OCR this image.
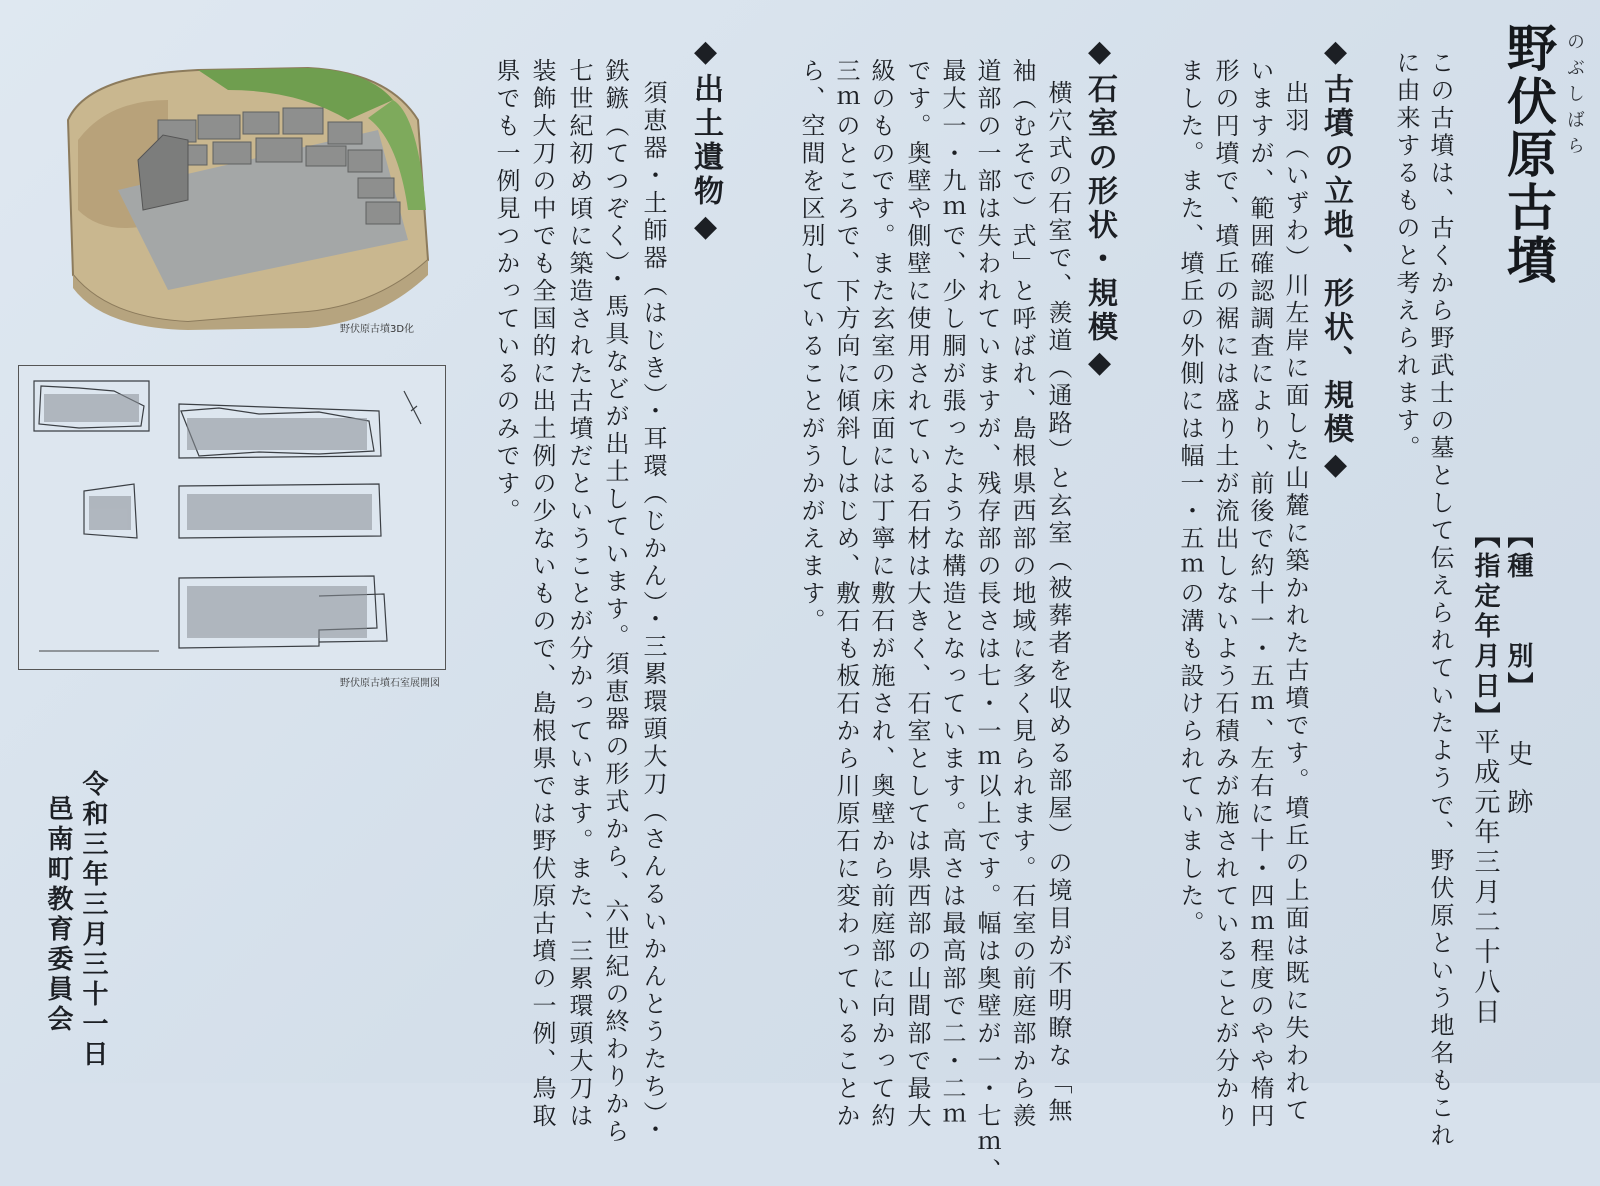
野伏原古墳 のぶしばら
この古墳は、古くから野武士の墓として伝えられていたようで、野伏原という地名もこれ
に由来するものと考えられます。
【種　　別】
史跡
【指定年月日】
平成元年三月二十八日
◆古墳の立地、形状、規模◆
出羽（いずわ）川左岸に面した山麓に築かれた古墳です。墳丘の上面は既に失われて
いますが、範囲確認調査により、前後で約十一・五ｍ、左右に十・四ｍ程度のやや楕円
形の円墳で、墳丘の裾には盛り土が流出しないよう石積みが施されていることが分かり
ました。また、墳丘の外側には幅一・五ｍの溝も設けられていました。
◆石室の形状・規模◆
横穴式の石室で、羨道（通路）と玄室（被葬者を収める部屋）の境目が不明瞭な「無
袖（むそで）式」と呼ばれ、島根県西部の地域に多く見られます。石室の前庭部から羨
道部の一部は失われていますが、残存部の長さは七・一ｍ以上です。幅は奥壁が一・七ｍ、
最大一・九ｍで、少し胴が張ったような構造となっています。高さは最高部で二・二ｍ
です。奥壁や側壁に使用されている石材は大きく、石室としては県西部の山間部で最大
級のものです。また玄室の床面には丁寧に敷石が施され、奥壁から前庭部に向かって約
三ｍのところで、下方向に傾斜しはじめ、敷石も板石から川原石に変わっていることか
ら、空間を区別していることがうかがえます。
◆出土遺物◆
須恵器・土師器（はじき）・耳環（じかん）・三累環頭大刀（さんるいかんとうたち）・
鉄鏃（てつぞく）・馬具などが出土しています。須恵器の形式から、六世紀の終わりから
七世紀初め頃に築造された古墳だということが分かっています。また、三累環頭大刀は
装飾大刀の中でも全国的に出土例の少ないもので、島根県では野伏原古墳の一例、鳥取
県でも一例見つかっているのみです。
野伏原古墳3D化
野伏原古墳石室展開図
令和三年三月三十一日
邑南町教育委員会
